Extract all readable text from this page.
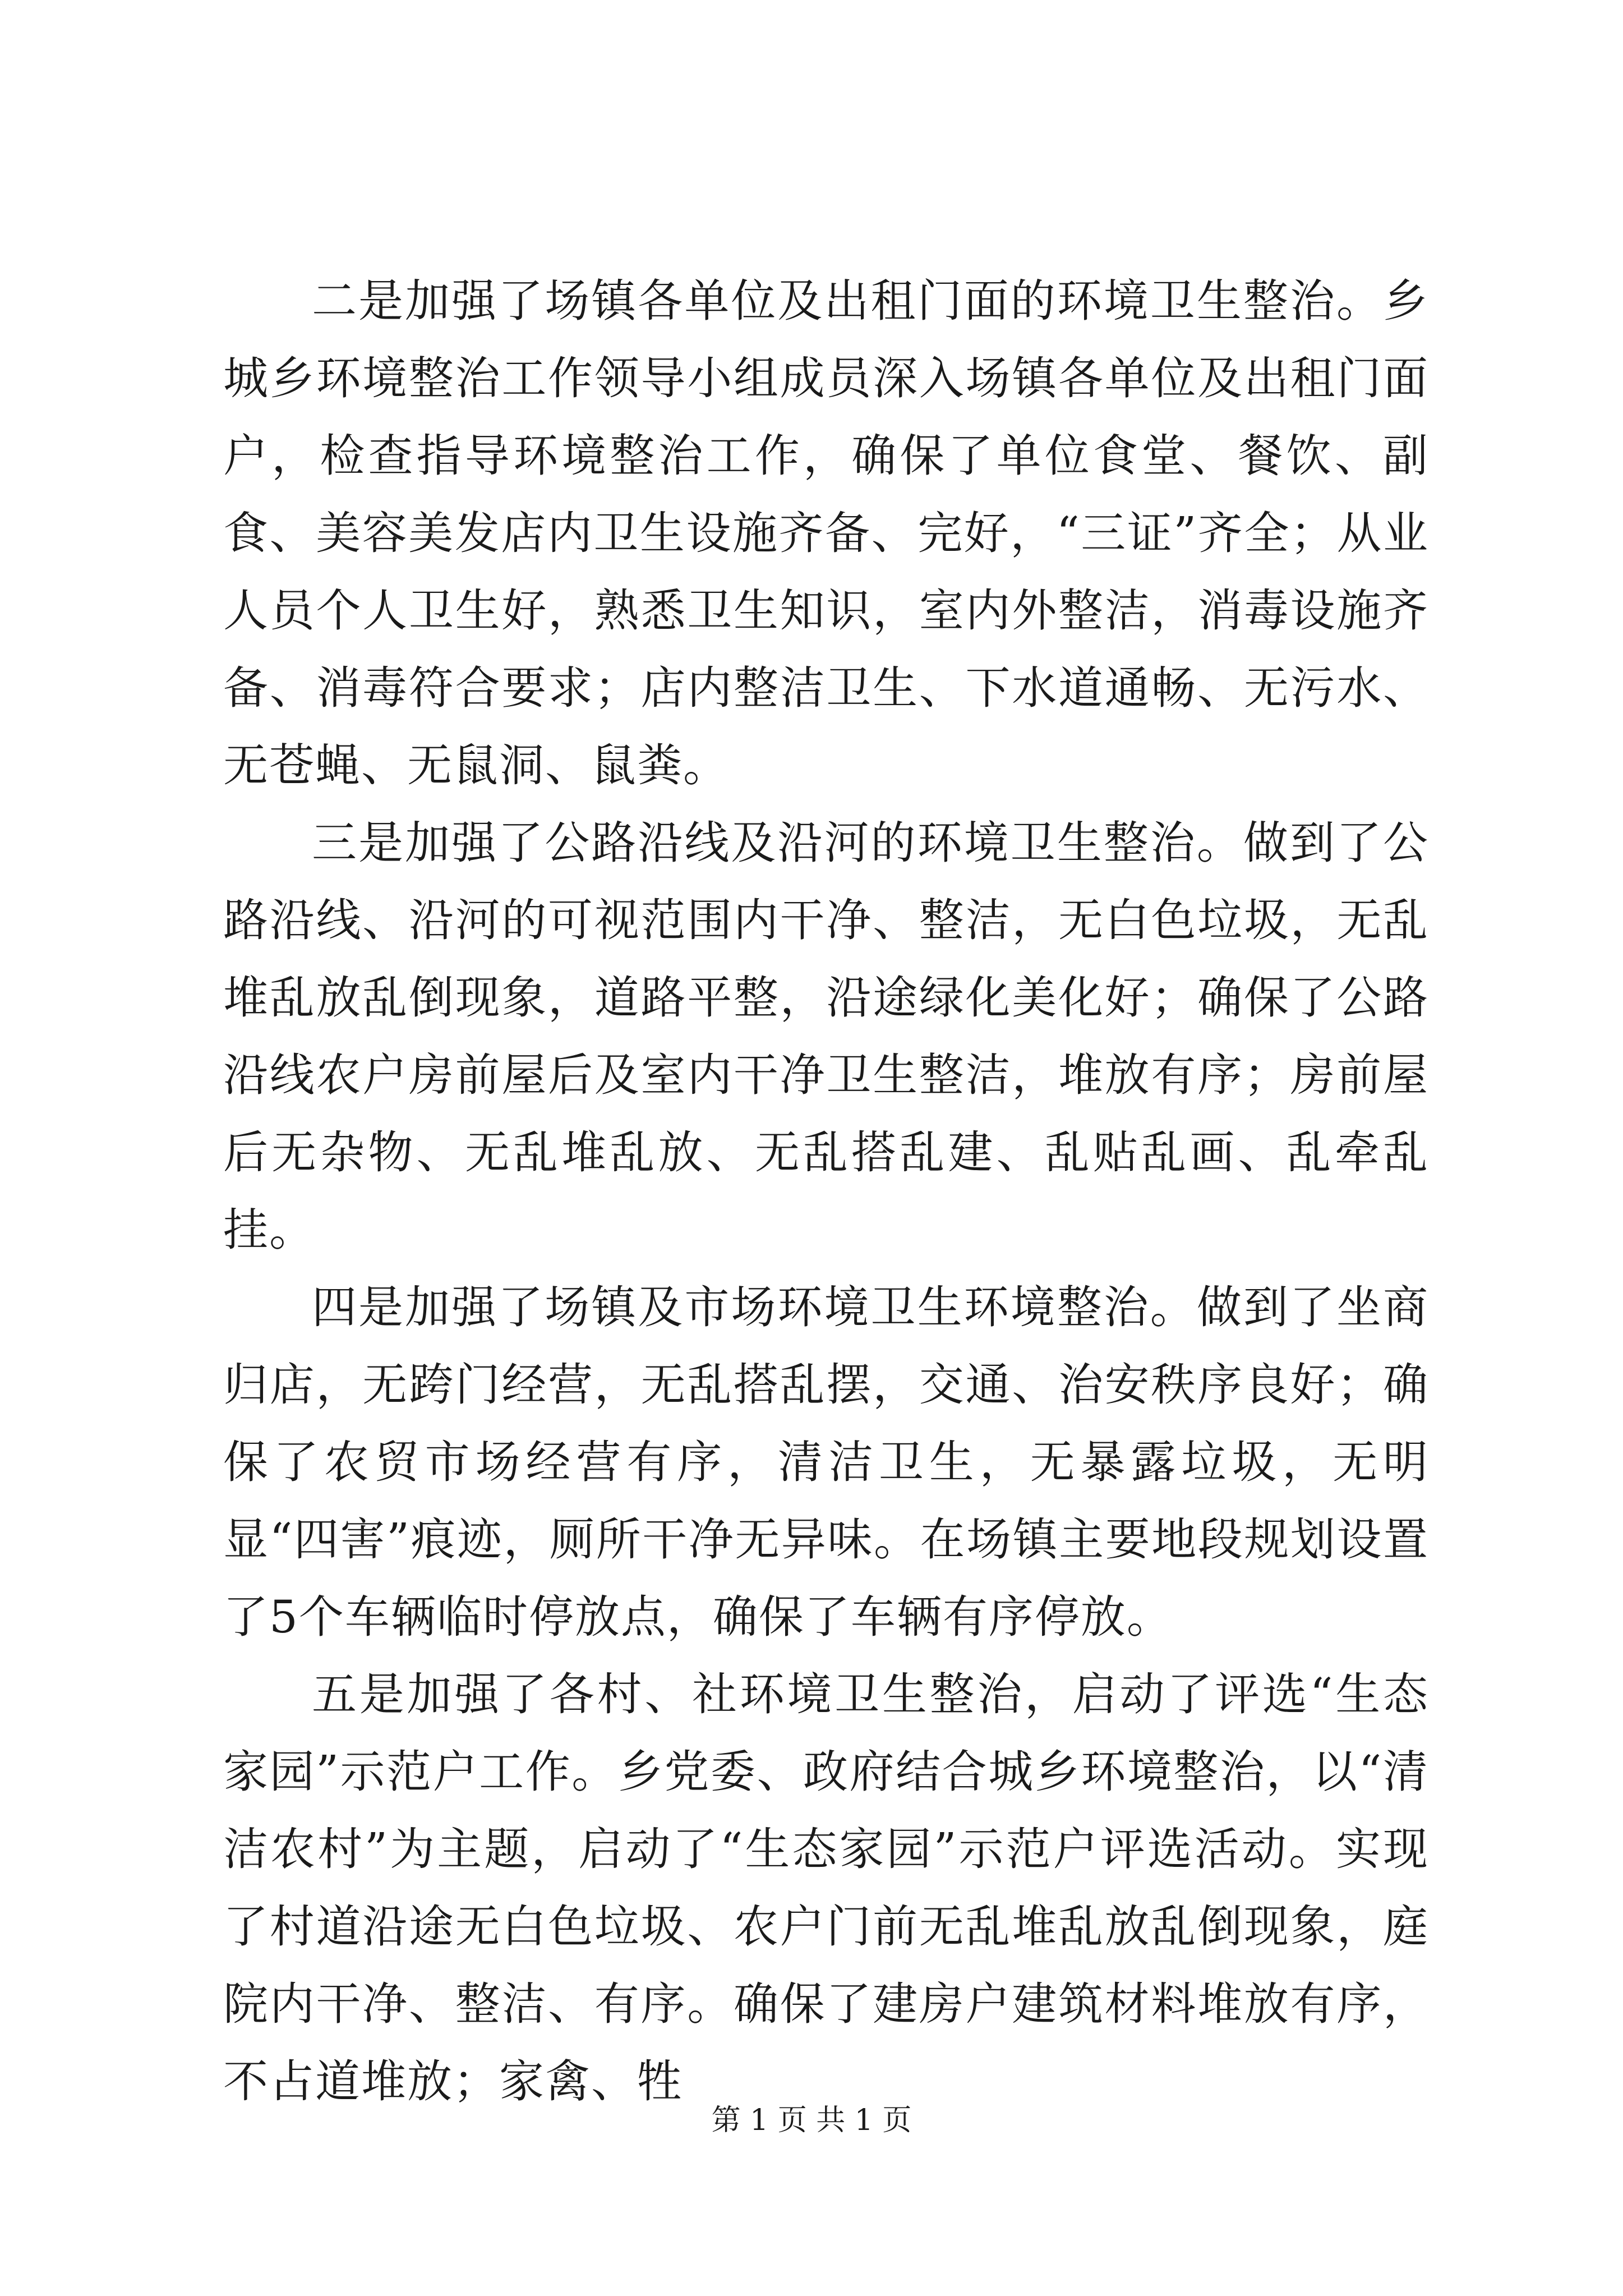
二是加强了场镇各单位及出租门面的环境卫生整治。乡城乡环境整治工作领导小组成员深入场镇各单位及出租门面户，检查指导环境整治工作，确保了单位食堂、餐饮、副食、美容美发店内卫生设施齐备、完好，“三证”齐全；从业人员个人卫生好，熟悉卫生知识，室内外整洁，消毒设施齐备、消毒符合要求；店内整洁卫生、下水道通畅、无污水、无苍蝇、无鼠洞、鼠粪。

三是加强了公路沿线及沿河的环境卫生整治。做到了公路沿线、沿河的可视范围内干净、整洁，无白色垃圾，无乱堆乱放乱倒现象，道路平整，沿途绿化美化好；确保了公路沿线农户房前屋后及室内干净卫生整洁，堆放有序；房前屋后无杂物、无乱堆乱放、无乱搭乱建、乱贴乱画、乱牵乱挂。

四是加强了场镇及市场环境卫生环境整治。做到了坐商归店，无跨门经营，无乱搭乱摆，交通、治安秩序良好；确保了农贸市场经营有序，清洁卫生，无暴露垃圾，无明显“四害”痕迹，厕所干净无异味。在场镇主要地段规划设置了5个车辆临时停放点，确保了车辆有序停放。

五是加强了各村、社环境卫生整治，启动了评选“生态家园”示范户工作。乡党委、政府结合城乡环境整治，以“清洁农村”为主题，启动了“生态家园”示范户评选活动。实现了村道沿途无白色垃圾、农户门前无乱堆乱放乱倒现象，庭院内干净、整洁、有序。确保了建房户建筑材料堆放有序，不占道堆放；家禽、牲

第 1 页 共 1 页
